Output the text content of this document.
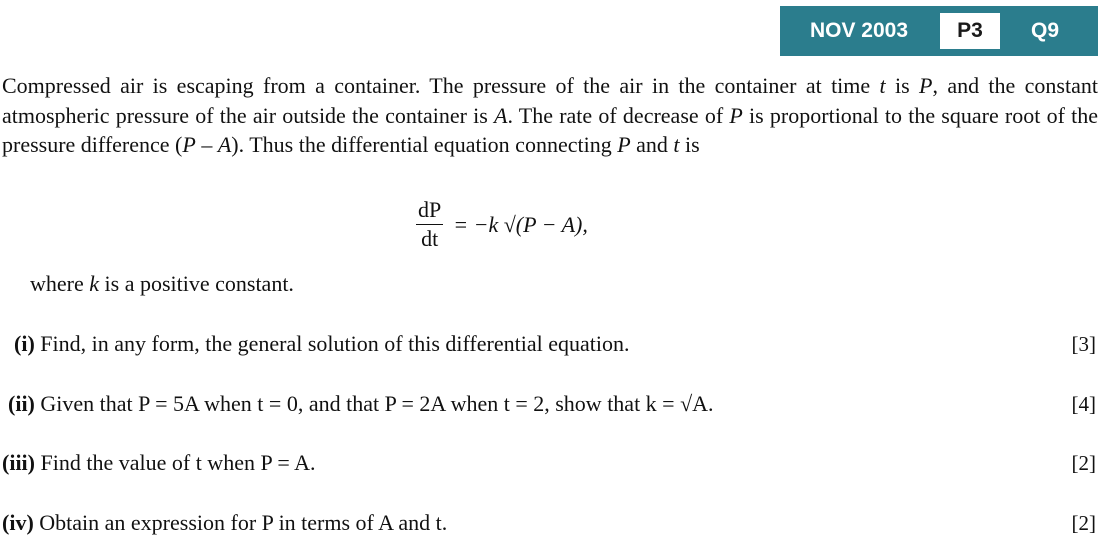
NOV 2003	P3	Q9
Compressed air is escaping from a container. The pressure of the air in the container at time t is P, and the constant atmospheric pressure of the air outside the container is A. The rate of decrease of P is proportional to the square root of the pressure difference (P – A). Thus the differential equation connecting P and t is
$\frac{dP}{dt} = -k$ √(P − A),
where k is a positive constant.
(i) Find, in any form, the general solution of this differential equation.	[3]
(ii) Given that P = 5A when t = 0, and that P = 2A when t = 2, show that k = √A.	[4]
(iii) Find the value of t when P = A.	[2]
(iv) Obtain an expression for P in terms of A and t.	[2]
